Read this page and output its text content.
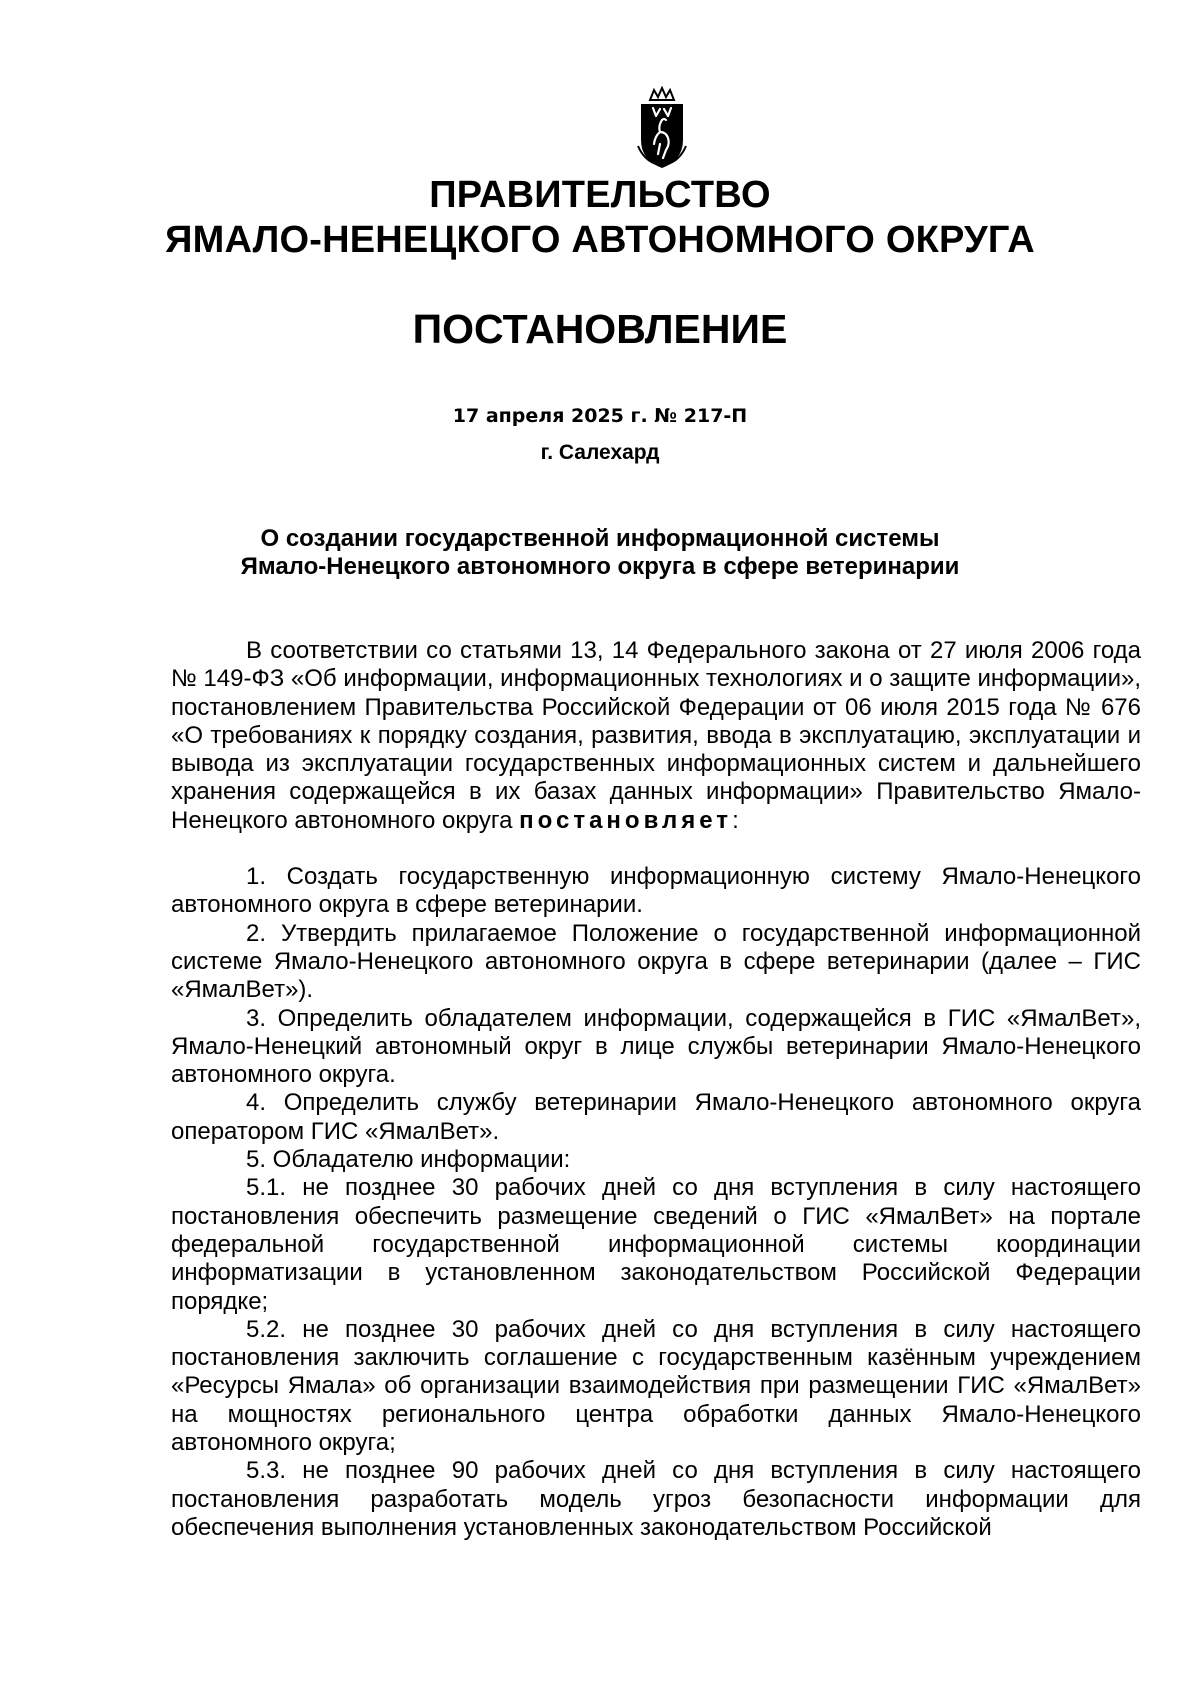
ПРАВИТЕЛЬСТВО
ЯМАЛО-НЕНЕЦКОГО АВТОНОМНОГО ОКРУГА
ПОСТАНОВЛЕНИЕ
17 апреля 2025 г. № 217-П
г. Салехард
О создании государственной информационной системы
Ямало-Ненецкого автономного округа в сфере ветеринарии

В соответствии со статьями 13, 14 Федерального закона от 27 июля 2006 года № 149-ФЗ «Об информации, информационных технологиях и о защите информации», постановлением Правительства Российской Федерации от 06 июля 2015 года № 676 «О требованиях к порядку создания, развития, ввода в эксплуатацию, эксплуатации и вывода из эксплуатации государственных информационных систем и дальнейшего хранения содержащейся в их базах данных информации» Правительство Ямало-Ненецкого автономного округа постановляет:

1. Создать государственную информационную систему Ямало-Ненецкого автономного округа в сфере ветеринарии.

2. Утвердить прилагаемое Положение о государственной информационной системе Ямало-Ненецкого автономного округа в сфере ветеринарии (далее – ГИС «ЯмалВет»).

3. Определить обладателем информации, содержащейся в ГИС «ЯмалВет», Ямало-Ненецкий автономный округ в лице службы ветеринарии Ямало-Ненецкого автономного округа.

4. Определить службу ветеринарии Ямало-Ненецкого автономного округа оператором ГИС «ЯмалВет».

5. Обладателю информации:

5.1. не позднее 30 рабочих дней со дня вступления в силу настоящего постановления обеспечить размещение сведений о ГИС «ЯмалВет» на портале федеральной государственной информационной системы координации информатизации в установленном законодательством Российской Федерации порядке;

5.2. не позднее 30 рабочих дней со дня вступления в силу настоящего постановления заключить соглашение с государственным казённым учреждением «Ресурсы Ямала» об организации взаимодействия при размещении ГИС «ЯмалВет» на мощностях регионального центра обработки данных Ямало-Ненецкого автономного округа;

5.3. не позднее 90 рабочих дней со дня вступления в силу настоящего постановления разработать модель угроз безопасности информации для обеспечения выполнения установленных законодательством Российской
